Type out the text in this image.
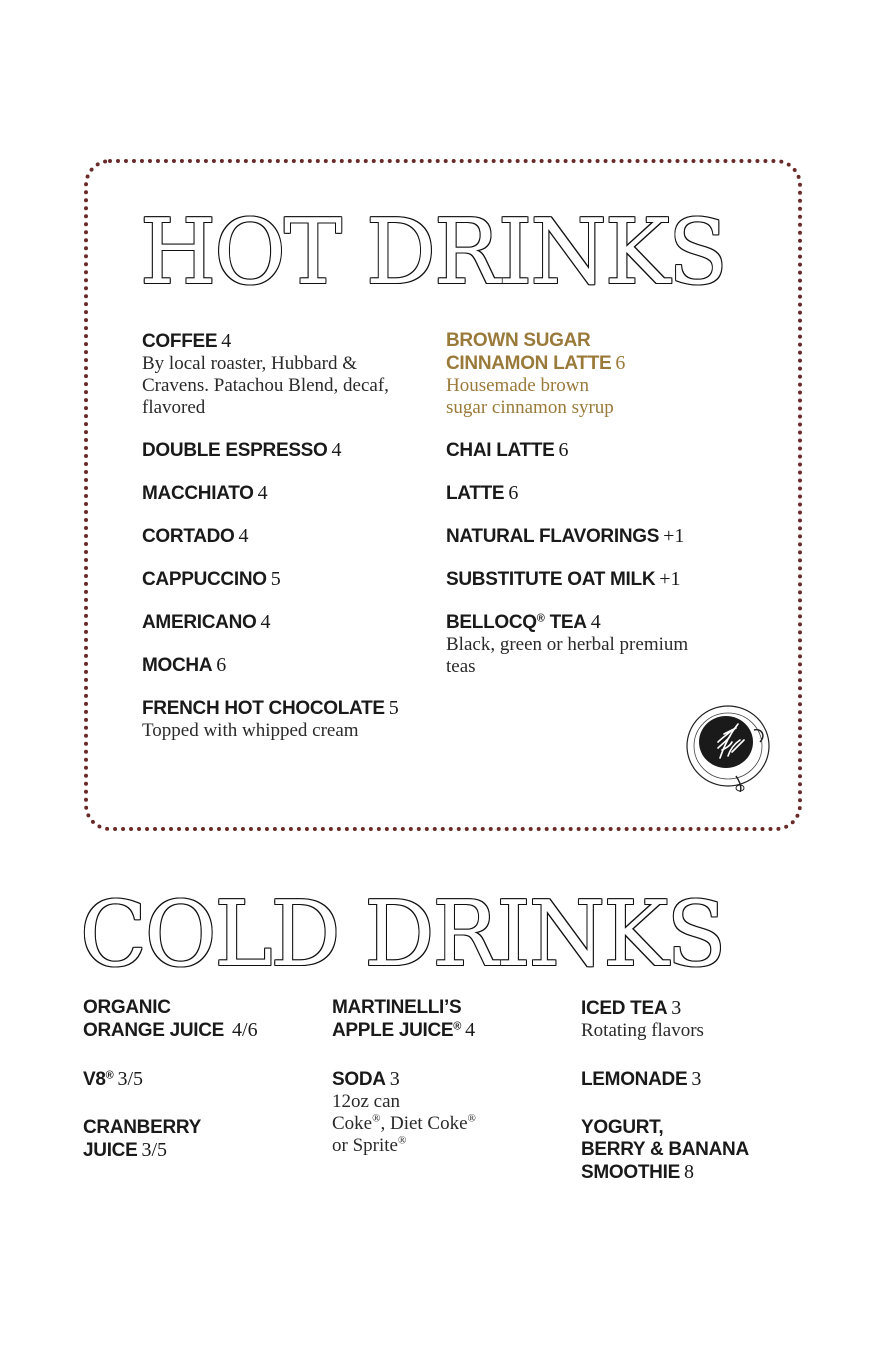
HOT DRINKS
COFFEE 4
By local roaster, Hubbard &
Cravens. Patachou Blend, decaf,
flavored
DOUBLE ESPRESSO 4
MACCHIATO 4
CORTADO 4
CAPPUCCINO 5
AMERICANO 4
MOCHA 6
FRENCH HOT CHOCOLATE 5
Topped with whipped cream
BROWN SUGAR
CINNAMON LATTE 6
Housemade brown
sugar cinnamon syrup
CHAI LATTE 6
LATTE 6
NATURAL FLAVORINGS +1
SUBSTITUTE OAT MILK +1
BELLOCQ® TEA 4
Black, green or herbal premium
teas
COLD DRINKS
ORGANIC
ORANGE JUICE 4/6
V8® 3/5
CRANBERRY
JUICE 3/5
MARTINELLI’S
APPLE JUICE® 4
SODA 3
12oz can
Coke®, Diet Coke®
or Sprite®
ICED TEA 3
Rotating flavors
LEMONADE 3
YOGURT,
BERRY & BANANA
SMOOTHIE 8
